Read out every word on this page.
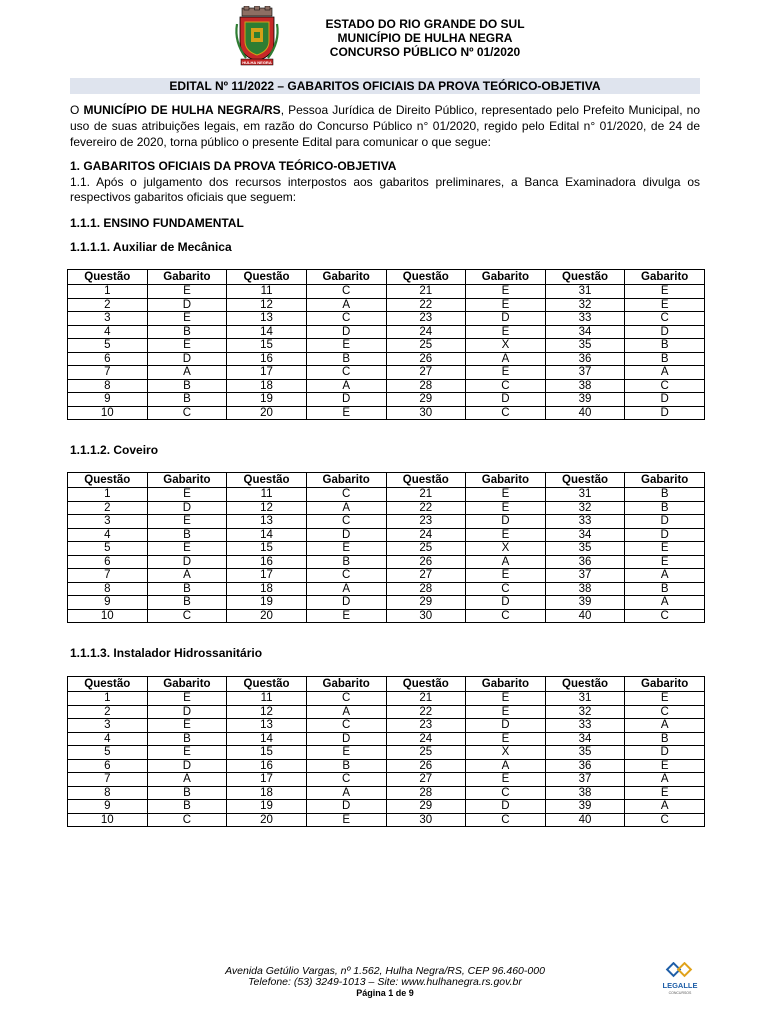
HULHA NEGRA
ESTADO DO RIO GRANDE DO SUL
MUNICÍPIO DE HULHA NEGRA
CONCURSO PÚBLICO Nº 01/2020
EDITAL Nº 11/2022 – GABARITOS OFICIAIS DA PROVA TEÓRICO-OBJETIVA
O MUNICÍPIO DE HULHA NEGRA/RS, Pessoa Jurídica de Direito Público, representado pelo Prefeito Municipal, no uso de suas atribuições legais, em razão do Concurso Público n° 01/2020, regido pelo Edital n° 01/2020, de 24 de fevereiro de 2020, torna público o presente Edital para comunicar o que segue:
1. GABARITOS OFICIAIS DA PROVA TEÓRICO-OBJETIVA
1.1. Após o julgamento dos recursos interpostos aos gabaritos preliminares, a Banca Examinadora divulga os respectivos gabaritos oficiais que seguem:
1.1.1. ENSINO FUNDAMENTAL
1.1.1.1. Auxiliar de Mecânica
Questão	Gabarito	Questão	Gabarito	Questão	Gabarito	Questão	Gabarito
1	E	11	C	21	E	31	E
2	D	12	A	22	E	32	E
3	E	13	C	23	D	33	C
4	B	14	D	24	E	34	D
5	E	15	E	25	X	35	B
6	D	16	B	26	A	36	B
7	A	17	C	27	E	37	A
8	B	18	A	28	C	38	C
9	B	19	D	29	D	39	D
10	C	20	E	30	C	40	D
1.1.1.2. Coveiro
Questão	Gabarito	Questão	Gabarito	Questão	Gabarito	Questão	Gabarito
1	E	11	C	21	E	31	B
2	D	12	A	22	E	32	B
3	E	13	C	23	D	33	D
4	B	14	D	24	E	34	D
5	E	15	E	25	X	35	E
6	D	16	B	26	A	36	E
7	A	17	C	27	E	37	A
8	B	18	A	28	C	38	B
9	B	19	D	29	D	39	A
10	C	20	E	30	C	40	C
1.1.1.3. Instalador Hidrossanitário
Questão	Gabarito	Questão	Gabarito	Questão	Gabarito	Questão	Gabarito
1	E	11	C	21	E	31	E
2	D	12	A	22	E	32	C
3	E	13	C	23	D	33	A
4	B	14	D	24	E	34	B
5	E	15	E	25	X	35	D
6	D	16	B	26	A	36	E
7	A	17	C	27	E	37	A
8	B	18	A	28	C	38	E
9	B	19	D	29	D	39	A
10	C	20	E	30	C	40	C
Avenida Getúlio Vargas, nº 1.562, Hulha Negra/RS, CEP 96.460-000
Telefone: (53) 3249-1013 – Site: www.hulhanegra.rs.gov.br
Página 1 de 9
LEGALLE
CONCURSOS
